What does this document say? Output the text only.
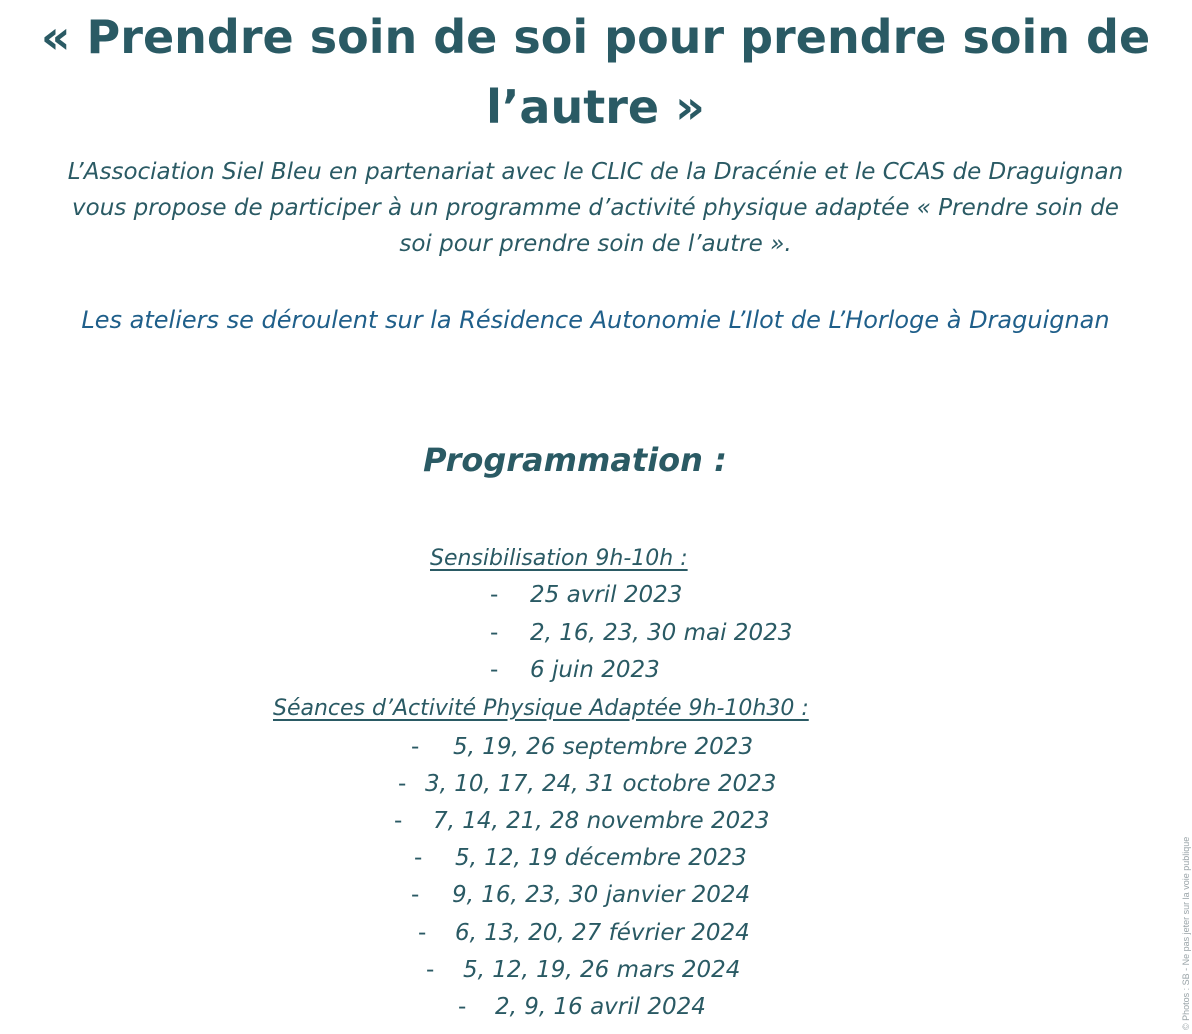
« Prendre soin de soi pour prendre soin de
l’autre »
L’Association Siel Bleu en partenariat avec le CLIC de la Dracénie et le CCAS de Draguignan
vous propose de participer à un programme d’activité physique adaptée « Prendre soin de
soi pour prendre soin de l’autre ».
Les ateliers se déroulent sur la Résidence Autonomie L’Ilot de L’Horloge à Draguignan
Programmation :
Sensibilisation 9h-10h :
- 25 avril 2023
- 2, 16, 23, 30 mai 2023
- 6 juin 2023
Séances d’Activité Physique Adaptée 9h-10h30 :
- 5, 19, 26 septembre 2023
- 3, 10, 17, 24, 31 octobre 2023
- 7, 14, 21, 28 novembre 2023
- 5, 12, 19 décembre 2023
- 9, 16, 23, 30 janvier 2024
- 6, 13, 20, 27 février 2024
- 5, 12, 19, 26 mars 2024
- 2, 9, 16 avril 2024	© Photos : SB - Ne pas jeter sur la voie publique
